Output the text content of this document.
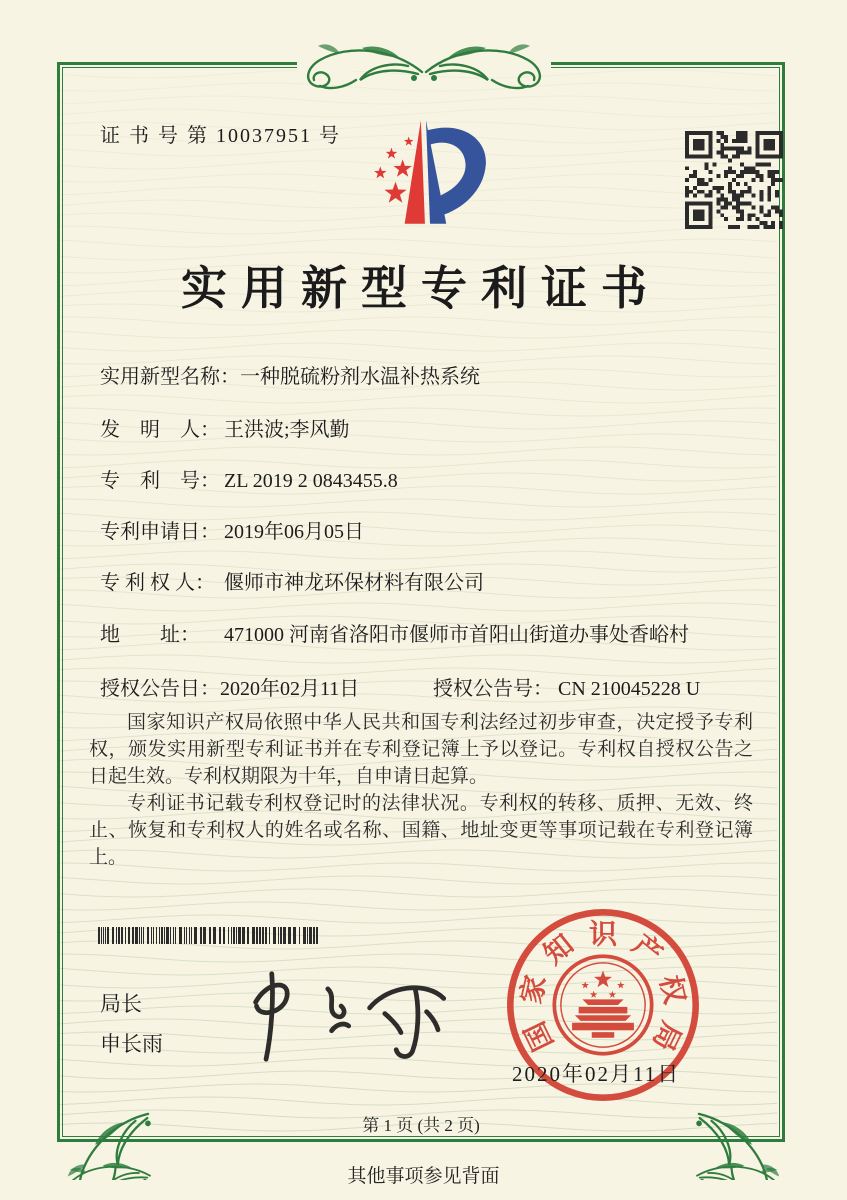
证 书 号 第 10037951 号
实用新型专利证书
实用新型名称： 一种脱硫粉剂水温补热系统
发　明　人： 王洪波;李风勤
专　利　号： ZL 2019 2 0843455.8
专利申请日： 2019年06月05日
专 利 权 人： 偃师市神龙环保材料有限公司
地　　址：	471000 河南省洛阳市偃师市首阳山街道办事处香峪村
授权公告日： 2020年02月11日	授权公告号： CN 210045228 U

国家知识产权局依照中华人民共和国专利法经过初步审查，决定授予专利权，颁发实用新型专利证书并在专利登记簿上予以登记。专利权自授权公告之日起生效。专利权期限为十年，自申请日起算。

专利证书记载专利权登记时的法律状况。专利权的转移、质押、无效、终止、恢复和专利权人的姓名或名称、国籍、地址变更等事项记载在专利登记簿上。

局长
申长雨	国
家
知 识 产
权
局
2020年02月11日
第 1 页 (共 2 页)
其他事项参见背面
